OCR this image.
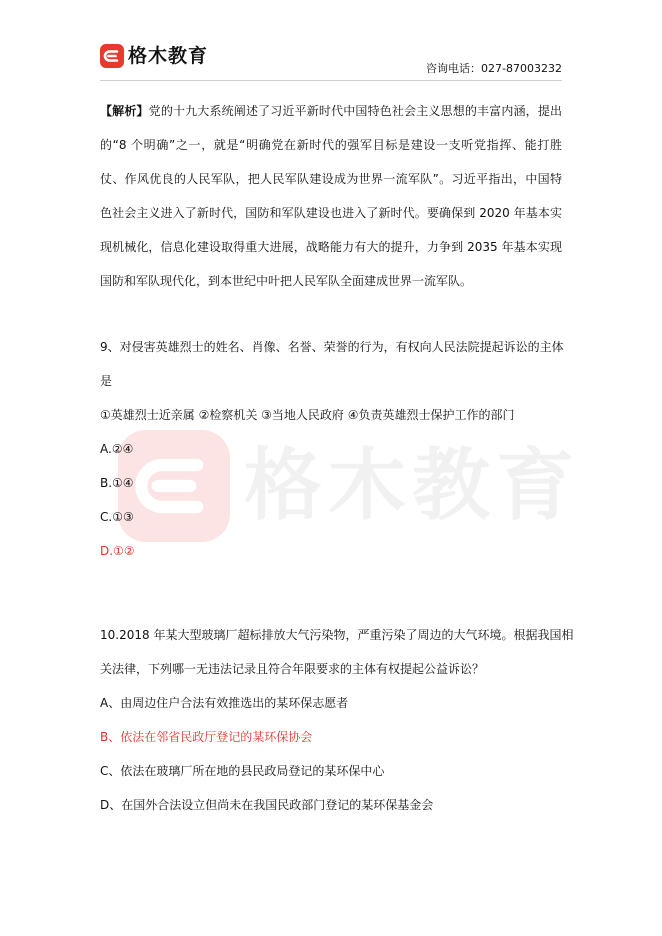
格木教育
咨询电话：027-87003232
格木教育

【解析】党的十九大系统阐述了习近平新时代中国特色社会主义思想的丰富内涵，提出的“8 个明确”之一，就是“明确党在新时代的强军目标是建设一支听党指挥、能打胜仗、作风优良的人民军队，把人民军队建设成为世界一流军队”。习近平指出，中国特色社会主义进入了新时代，国防和军队建设也进入了新时代。要确保到 2020 年基本实现机械化，信息化建设取得重大进展，战略能力有大的提升，力争到 2035 年基本实现国防和军队现代化，到本世纪中叶把人民军队全面建成世界一流军队。

9、对侵害英雄烈士的姓名、肖像、名誉、荣誉的行为，有权向人民法院提起诉讼的主体

是

①英雄烈士近亲属 ②检察机关 ③当地人民政府 ④负责英雄烈士保护工作的部门

A.②④

B.①④

C.①③

D.①②

10.2018 年某大型玻璃厂超标排放大气污染物，严重污染了周边的大气环境。根据我国相

关法律，下列哪一无违法记录且符合年限要求的主体有权提起公益诉讼？

A、由周边住户合法有效推选出的某环保志愿者

B、依法在邻省民政厅登记的某环保协会

C、依法在玻璃厂所在地的县民政局登记的某环保中心

D、在国外合法设立但尚未在我国民政部门登记的某环保基金会
